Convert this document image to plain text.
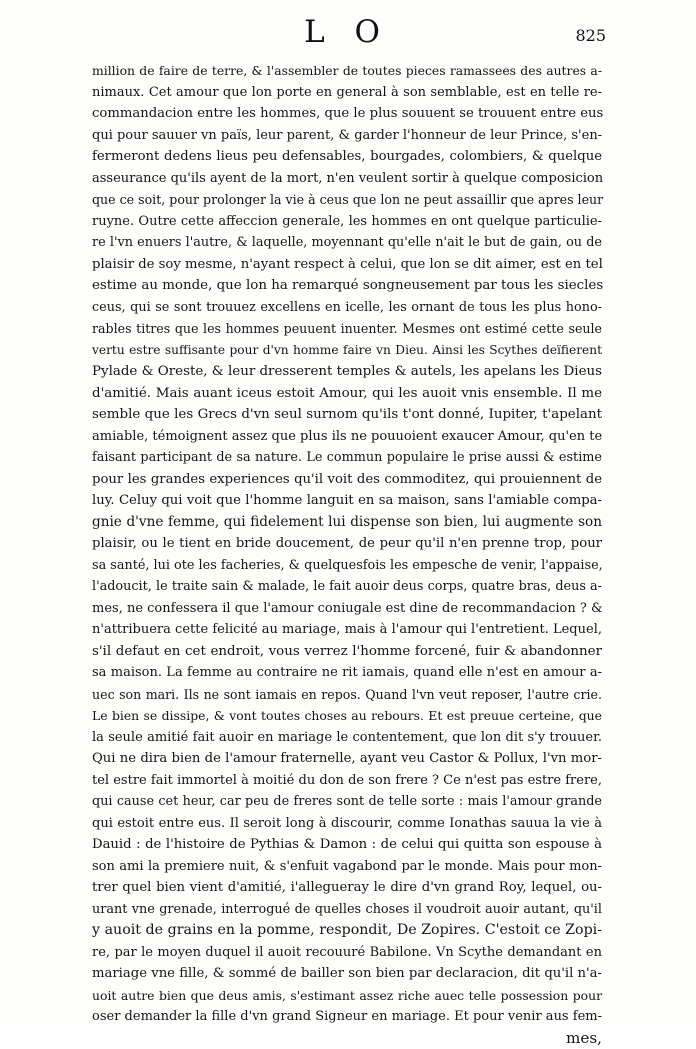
L O	825
million de faire de terre, & l'assembler de toutes pieces ramassees des autres a-
nimaux. Cet amour que lon porte en general à son semblable, est en telle re-
commandacion entre les hommes, que le plus souuent se trouuent entre eus
qui pour sauuer vn païs, leur parent, & garder l'honneur de leur Prince, s'en-
fermeront dedens lieus peu defensables, bourgades, colombiers, & quelque
asseurance qu'ils ayent de la mort, n'en veulent sortir à quelque composicion
que ce soit, pour prolonger la vie à ceus que lon ne peut assaillir que apres leur
ruyne. Outre cette affeccion generale, les hommes en ont quelque particulie-
re l'vn enuers l'autre, & laquelle, moyennant qu'elle n'ait le but de gain, ou de
plaisir de soy mesme, n'ayant respect à celui, que lon se dit aimer, est en tel
estime au monde, que lon ha remarqué songneusement par tous les siecles
ceus, qui se sont trouuez excellens en icelle, les ornant de tous les plus hono-
rables titres que les hommes peuuent inuenter. Mesmes ont estimé cette seule
vertu estre suffisante pour d'vn homme faire vn Dieu. Ainsi les Scythes deïfierent
Pylade & Oreste, & leur dresserent temples & autels, les apelans les Dieus
d'amitié. Mais auant iceus estoit Amour, qui les auoit vnis ensemble. Il me
semble que les Grecs d'vn seul surnom qu'ils t'ont donné, Iupiter, t'apelant
amiable, témoignent assez que plus ils ne pouuoient exaucer Amour, qu'en te
faisant participant de sa nature. Le commun populaire le prise aussi & estime
pour les grandes experiences qu'il voit des commoditez, qui prouiennent de
luy. Celuy qui voit que l'homme languit en sa maison, sans l'amiable compa-
gnie d'vne femme, qui fidelement lui dispense son bien, lui augmente son
plaisir, ou le tient en bride doucement, de peur qu'il n'en prenne trop, pour
sa santé, lui ote les facheries, & quelquesfois les empesche de venir, l'appaise,
l'adoucit, le traite sain & malade, le fait auoir deus corps, quatre bras, deus a-
mes, ne confessera il que l'amour coniugale est dine de recommandacion ? &
n'attribuera cette felicité au mariage, mais à l'amour qui l'entretient. Lequel,
s'il defaut en cet endroit, vous verrez l'homme forcené, fuir & abandonner
sa maison. La femme au contraire ne rit iamais, quand elle n'est en amour a-
uec son mari. Ils ne sont iamais en repos. Quand l'vn veut reposer, l'autre crie.
Le bien se dissipe, & vont toutes choses au rebours. Et est preuue certeine, que
la seule amitié fait auoir en mariage le contentement, que lon dit s'y trouuer.
Qui ne dira bien de l'amour fraternelle, ayant veu Castor & Pollux, l'vn mor-
tel estre fait immortel à moitié du don de son frere ? Ce n'est pas estre frere,
qui cause cet heur, car peu de freres sont de telle sorte : mais l'amour grande
qui estoit entre eus. Il seroit long à discourir, comme Ionathas sauua la vie à
Dauid : de l'histoire de Pythias & Damon : de celui qui quitta son espouse à
son ami la premiere nuit, & s'enfuit vagabond par le monde. Mais pour mon-
trer quel bien vient d'amitié, i'allegueray le dire d'vn grand Roy, lequel, ou-
urant vne grenade, interrogué de quelles choses il voudroit auoir autant, qu'il
y auoit de grains en la pomme, respondit, De Zopires. C'estoit ce Zopi-
re, par le moyen duquel il auoit recouuré Babilone. Vn Scythe demandant en
mariage vne fille, & sommé de bailler son bien par declaracion, dit qu'il n'a-
uoit autre bien que deus amis, s'estimant assez riche auec telle possession pour
oser demander la fille d'vn grand Signeur en mariage. Et pour venir aus fem-
mes,
